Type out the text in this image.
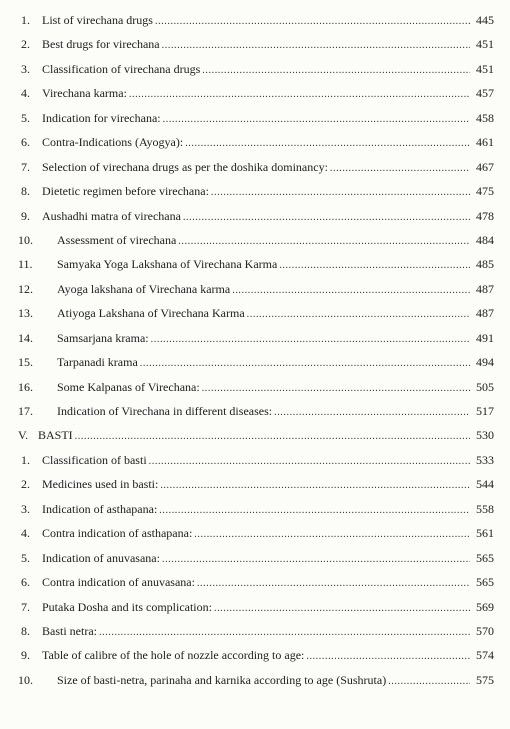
1.	List of virechana drugs .....	445
2.	Best drugs for virechana .....	451
3.	Classification of virechana drugs .....	451
4.	Virechana karma: .....	457
5.	Indication for virechana: .....	458
6.	Contra-Indications (Ayogya): .....	461
7.	Selection of virechana drugs as per the doshika dominancy: .....	467
8.	Dietetic regimen before virechana: .....	475
9.	Aushadhi matra of virechana .....	478
10.	Assessment of virechana .....	484
11.	Samyaka Yoga Lakshana of Virechana Karma .....	485
12.	Ayoga lakshana of Virechana karma .....	487
13.	Atiyoga Lakshana of Virechana Karma .....	487
14.	Samsarjana krama: .....	491
15.	Tarpanadi krama .....	494
16.	Some Kalpanas of Virechana: .....	505
17.	Indication of Virechana in different diseases: .....	517
V. BASTI .....	530
1.	Classification of basti .....	533
2.	Medicines used in basti: .....	544
3.	Indication of asthapana: .....	558
4.	Contra indication of asthapana: .....	561
5.	Indication of anuvasana: .....	565
6.	Contra indication of anuvasana: .....	565
7.	Putaka Dosha and its complication: .....	569
8.	Basti netra: .....	570
9.	Table of calibre of the hole of nozzle according to age: .....	574
10.	Size of basti-netra, parinaha and karnika according to age (Sushruta) .....	575
